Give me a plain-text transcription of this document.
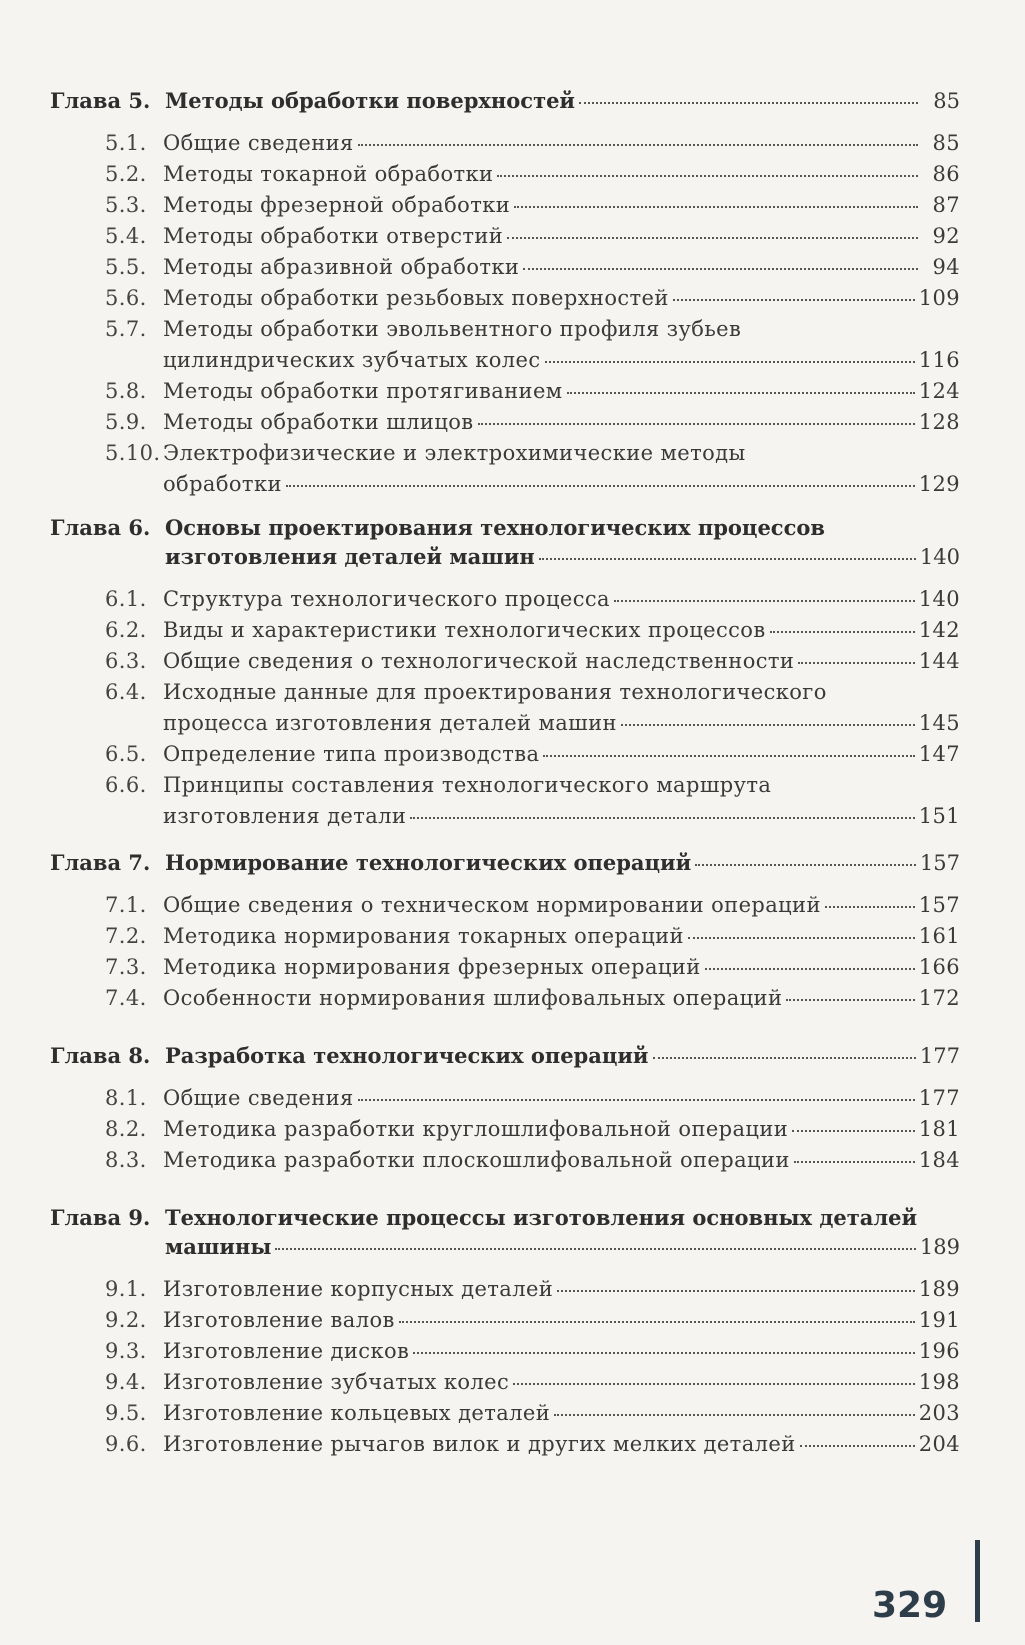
Глава 5. Методы обработки поверхностей	85
5.1. Общие сведения	85
5.2. Методы токарной обработки	86
5.3. Методы фрезерной обработки	87
5.4. Методы обработки отверстий	92
5.5. Методы абразивной обработки	94
5.6. Методы обработки резьбовых поверхностей	109
5.7. Методы обработки эвольвентного профиля зубьев
цилиндрических зубчатых колес	116
5.8. Методы обработки протягиванием	124
5.9. Методы обработки шлицов	128
5.10. Электрофизические и электрохимические методы
обработки	129
Глава 6. Основы проектирования технологических процессов
изготовления деталей машин	140
6.1. Структура технологического процесса	140
6.2. Виды и характеристики технологических процессов	142
6.3. Общие сведения о технологической наследственности	144
6.4. Исходные данные для проектирования технологического
процесса изготовления деталей машин	145
6.5. Определение типа производства	147
6.6. Принципы составления технологического маршрута
изготовления детали	151
Глава 7. Нормирование технологических операций	157
7.1. Общие сведения о техническом нормировании операций	157
7.2. Методика нормирования токарных операций	161
7.3. Методика нормирования фрезерных операций	166
7.4. Особенности нормирования шлифовальных операций	172
Глава 8. Разработка технологических операций	177
8.1. Общие сведения	177
8.2. Методика разработки круглошлифовальной операции	181
8.3. Методика разработки плоскошлифовальной операции	184
Глава 9. Технологические процессы изготовления основных деталей
машины	189
9.1. Изготовление корпусных деталей	189
9.2. Изготовление валов	191
9.3. Изготовление дисков	196
9.4. Изготовление зубчатых колес	198
9.5. Изготовление кольцевых деталей	203
9.6. Изготовление рычагов вилок и других мелких деталей	204
329
